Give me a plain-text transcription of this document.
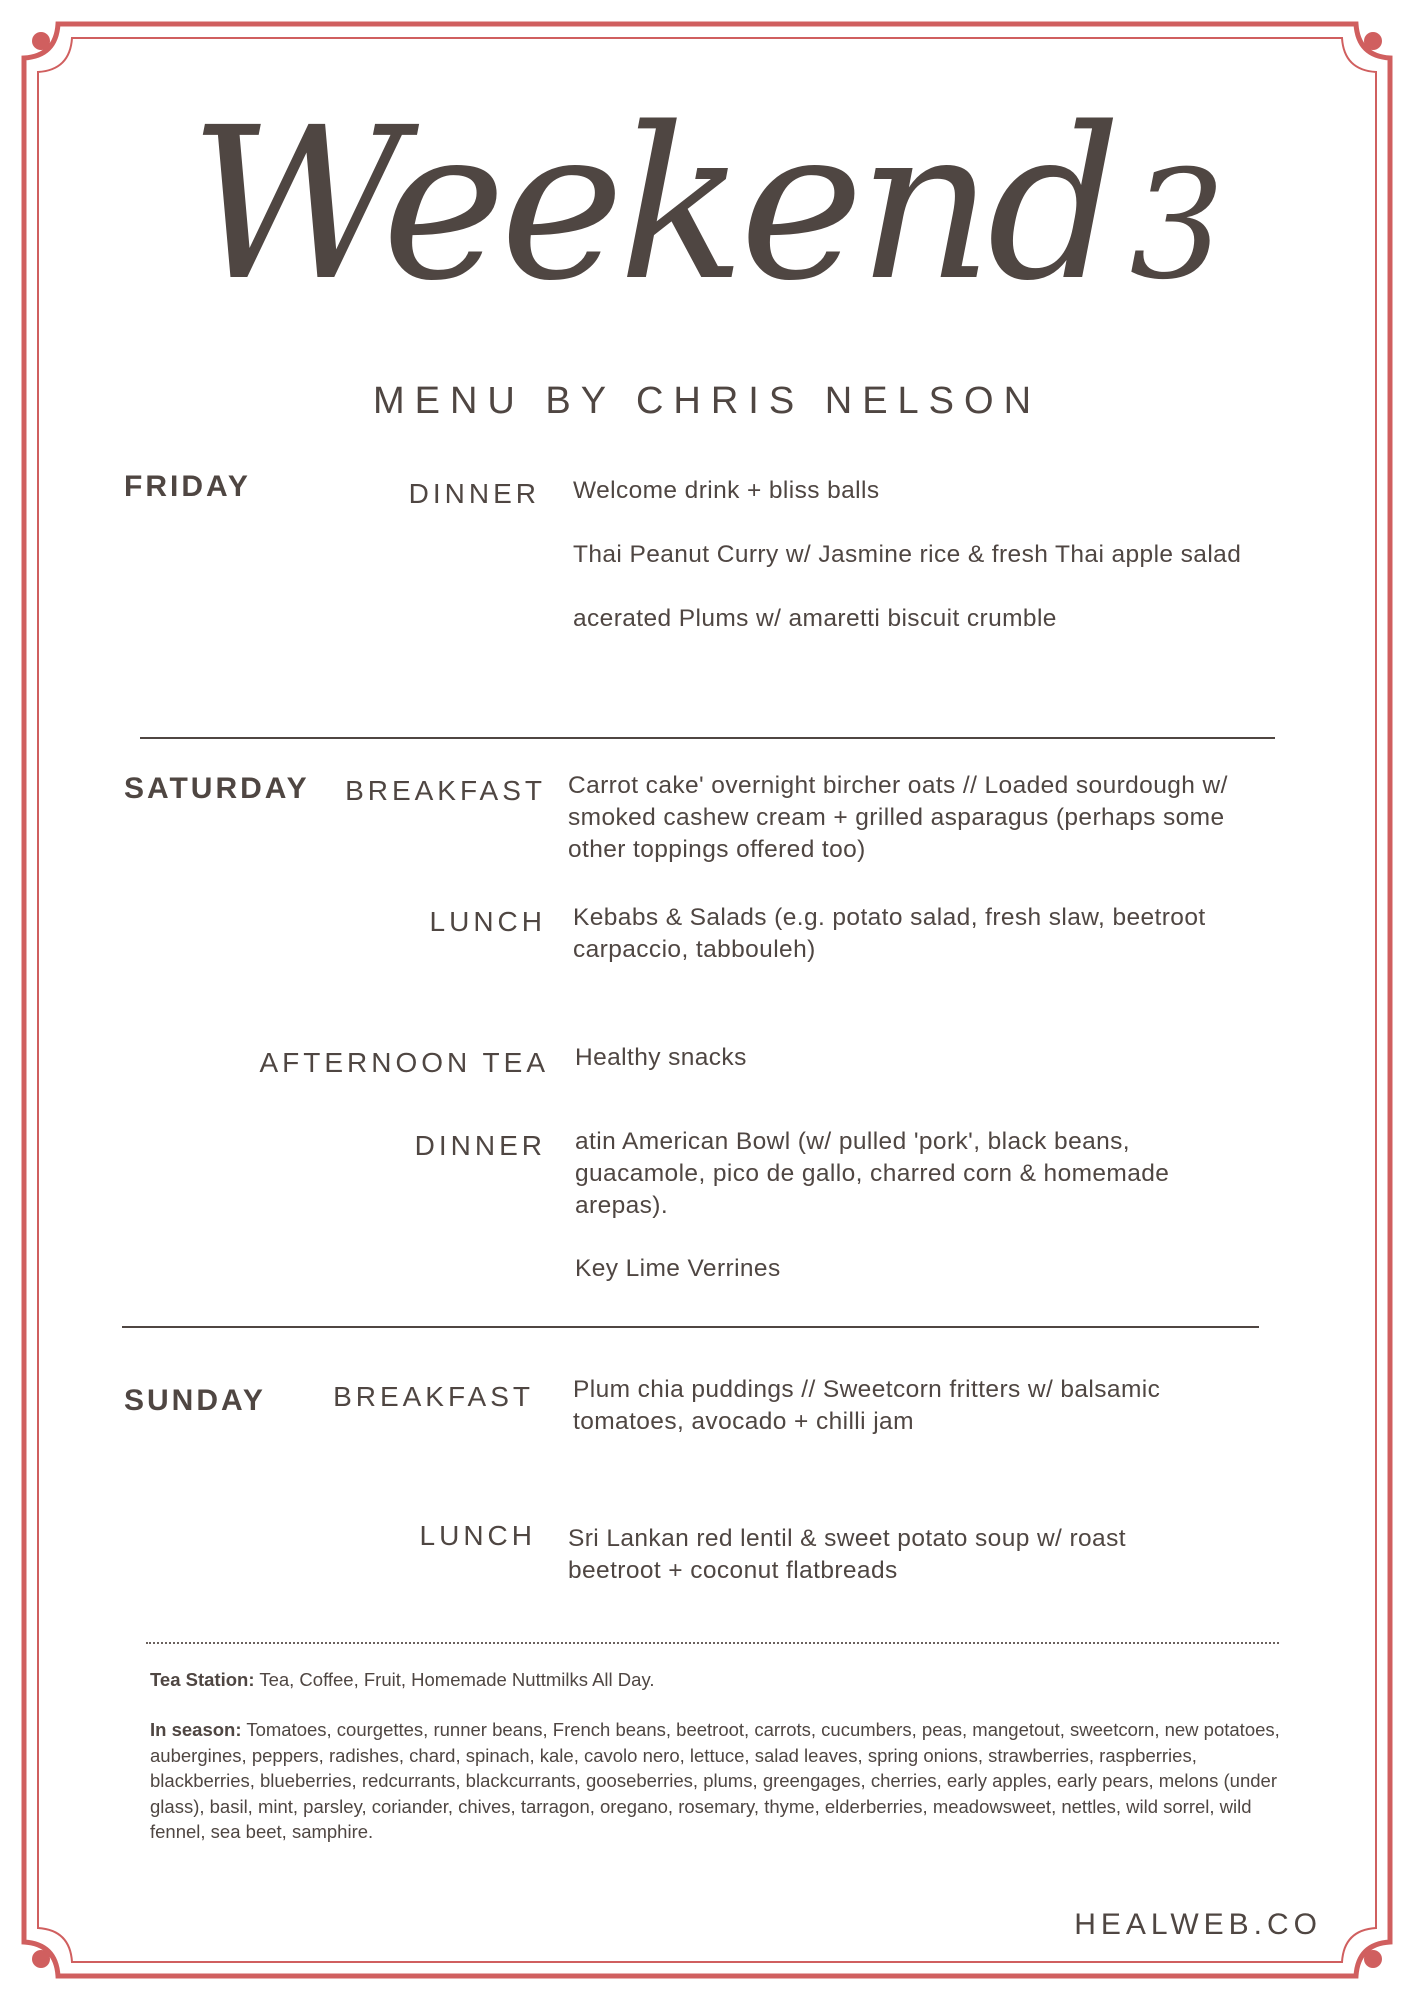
Weekend3
MENU BY CHRIS NELSON
FRIDAY	DINNER Welcome drink + bliss balls
Thai Peanut Curry w/ Jasmine rice & fresh Thai apple salad
acerated Plums w/ amaretti biscuit crumble
SATURDAY	BREAKFAST Carrot cake' overnight bircher oats // Loaded sourdough w/
smoked cashew cream + grilled asparagus (perhaps some
other toppings offered too)
LUNCH Kebabs & Salads (e.g. potato salad, fresh slaw, beetroot
carpaccio, tabbouleh)
AFTERNOON TEA Healthy snacks
DINNER atin American Bowl (w/ pulled 'pork', black beans,
guacamole, pico de gallo, charred corn & homemade
arepas).
Key Lime Verrines
SUNDAY	BREAKFAST Plum chia puddings // Sweetcorn fritters w/ balsamic
tomatoes, avocado + chilli jam
LUNCH Sri Lankan red lentil & sweet potato soup w/ roast
beetroot + coconut flatbreads
Tea Station: Tea, Coffee, Fruit, Homemade Nuttmilks All Day.
In season: Tomatoes, courgettes, runner beans, French beans, beetroot, carrots, cucumbers, peas, mangetout, sweetcorn, new potatoes, aubergines, peppers, radishes, chard, spinach, kale, cavolo nero, lettuce, salad leaves, spring onions, strawberries, raspberries, blackberries, blueberries, redcurrants, blackcurrants, gooseberries, plums, greengages, cherries, early apples, early pears, melons (under glass), basil, mint, parsley, coriander, chives, tarragon, oregano, rosemary, thyme, elderberries, meadowsweet, nettles, wild sorrel, wild fennel, sea beet, samphire.
HEALWEB.CO
